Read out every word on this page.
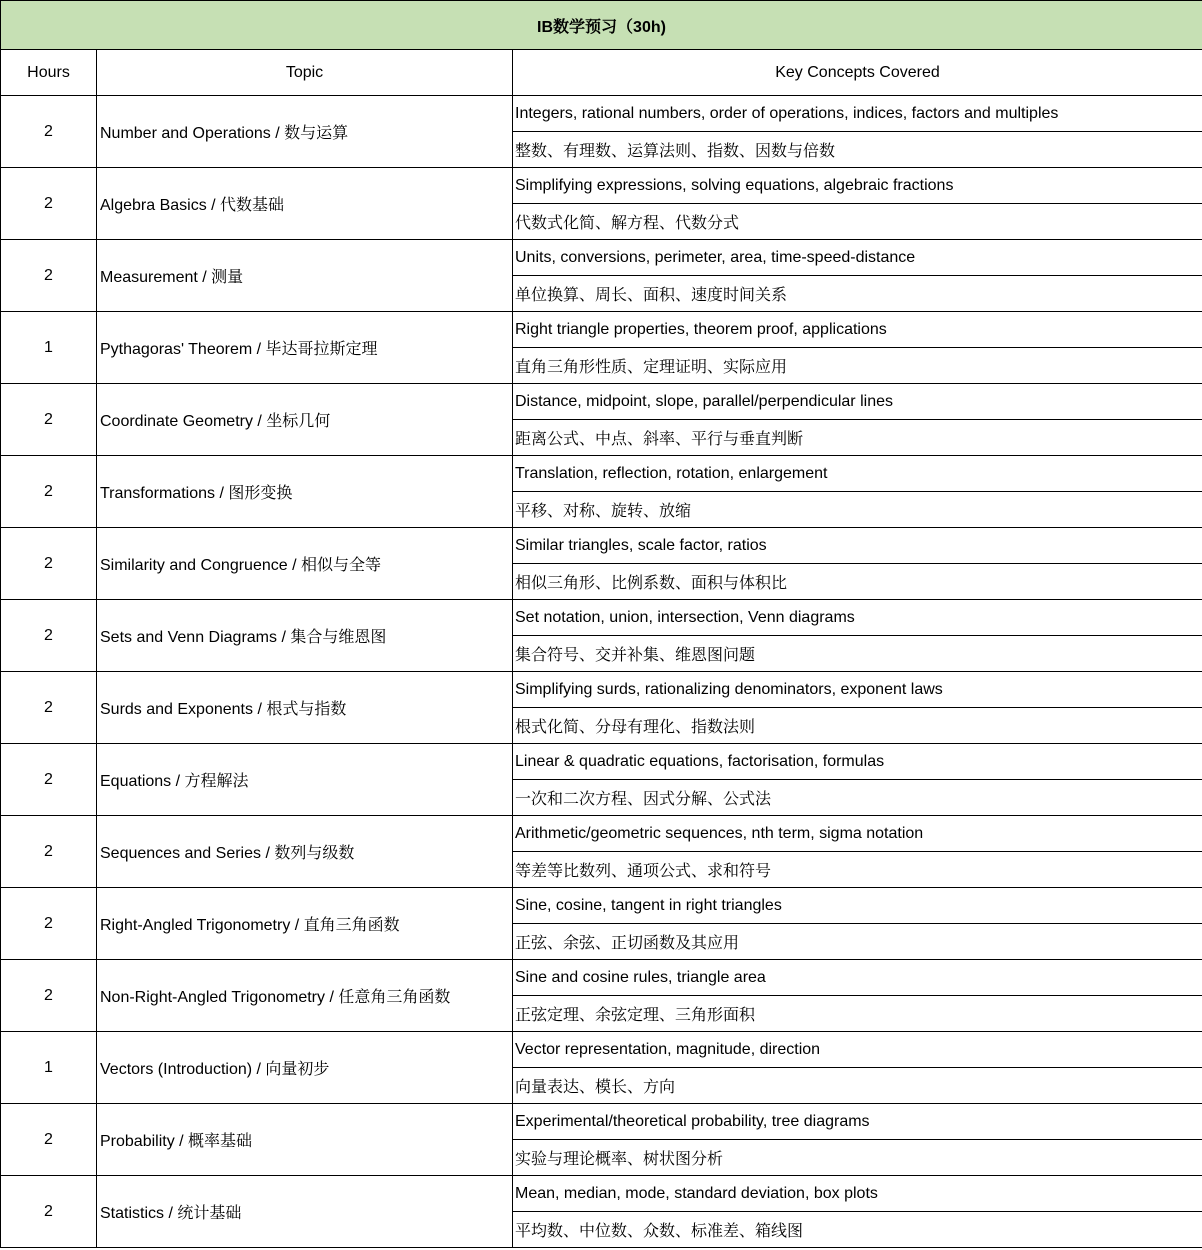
IB数学预习（30h)		
Hours	Topic	Key Concepts Covered
2	Number and Operations / 数与运算	Integers, rational numbers, order of operations, indices, factors and multiples
		整数、有理数、运算法则、指数、因数与倍数
2	Algebra Basics / 代数基础	Simplifying expressions, solving equations, algebraic fractions
		代数式化简、解方程、代数分式
2	Measurement / 测量	Units, conversions, perimeter, area, time-speed-distance
		单位换算、周长、面积、速度时间关系
1	Pythagoras' Theorem / 毕达哥拉斯定理	Right triangle properties, theorem proof, applications
		直角三角形性质、定理证明、实际应用
2	Coordinate Geometry / 坐标几何	Distance, midpoint, slope, parallel/perpendicular lines
		距离公式、中点、斜率、平行与垂直判断
2	Transformations / 图形变换	Translation, reflection, rotation, enlargement
		平移、对称、旋转、放缩
2	Similarity and Congruence / 相似与全等	Similar triangles, scale factor, ratios
		相似三角形、比例系数、面积与体积比
2	Sets and Venn Diagrams / 集合与维恩图	Set notation, union, intersection, Venn diagrams
		集合符号、交并补集、维恩图问题
2	Surds and Exponents / 根式与指数	Simplifying surds, rationalizing denominators, exponent laws
		根式化简、分母有理化、指数法则
2	Equations / 方程解法	Linear & quadratic equations, factorisation, formulas
		一次和二次方程、因式分解、公式法
2	Sequences and Series / 数列与级数	Arithmetic/geometric sequences, nth term, sigma notation
		等差等比数列、通项公式、求和符号
2	Right-Angled Trigonometry / 直角三角函数	Sine, cosine, tangent in right triangles
		正弦、余弦、正切函数及其应用
2	Non-Right-Angled Trigonometry / 任意角三角函数	Sine and cosine rules, triangle area
		正弦定理、余弦定理、三角形面积
1	Vectors (Introduction) / 向量初步	Vector representation, magnitude, direction
		向量表达、模长、方向
2	Probability / 概率基础	Experimental/theoretical probability, tree diagrams
		实验与理论概率、树状图分析
2	Statistics / 统计基础	Mean, median, mode, standard deviation, box plots
		平均数、中位数、众数、标准差、箱线图
